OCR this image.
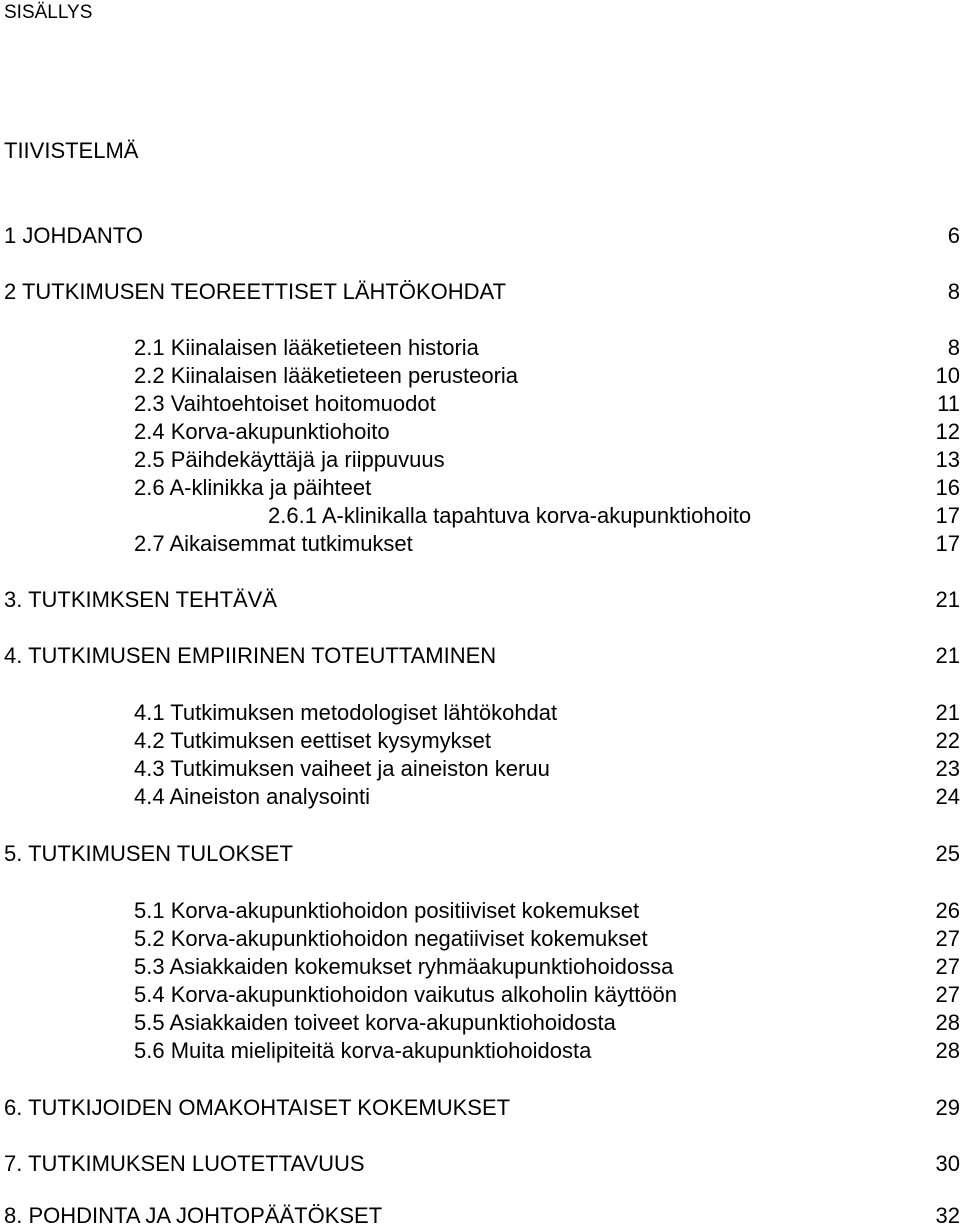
SISÄLLYS
TIIVISTELMÄ
1 JOHDANTO	6
2 TUTKIMUSEN TEOREETTISET LÄHTÖKOHDAT	8
2.1 Kiinalaisen lääketieteen historia	8
2.2 Kiinalaisen lääketieteen perusteoria	10
2.3 Vaihtoehtoiset hoitomuodot	11
2.4 Korva-akupunktiohoito	12
2.5 Päihdekäyttäjä ja riippuvuus	13
2.6 A-klinikka ja päihteet	16
2.6.1 A-klinikalla tapahtuva korva-akupunktiohoito	17
2.7 Aikaisemmat tutkimukset	17
3. TUTKIMKSEN TEHTÄVÄ	21
4. TUTKIMUSEN EMPIIRINEN TOTEUTTAMINEN	21
4.1 Tutkimuksen metodologiset lähtökohdat	21
4.2 Tutkimuksen eettiset kysymykset	22
4.3 Tutkimuksen vaiheet ja aineiston keruu	23
4.4 Aineiston analysointi	24
5. TUTKIMUSEN TULOKSET	25
5.1 Korva-akupunktiohoidon positiiviset kokemukset	26
5.2 Korva-akupunktiohoidon negatiiviset kokemukset	27
5.3 Asiakkaiden kokemukset ryhmäakupunktiohoidossa	27
5.4 Korva-akupunktiohoidon vaikutus alkoholin käyttöön	27
5.5 Asiakkaiden toiveet korva-akupunktiohoidosta	28
5.6 Muita mielipiteitä korva-akupunktiohoidosta	28
6. TUTKIJOIDEN OMAKOHTAISET KOKEMUKSET	29
7. TUTKIMUKSEN LUOTETTAVUUS	30
8. POHDINTA JA JOHTOPÄÄTÖKSET	32
